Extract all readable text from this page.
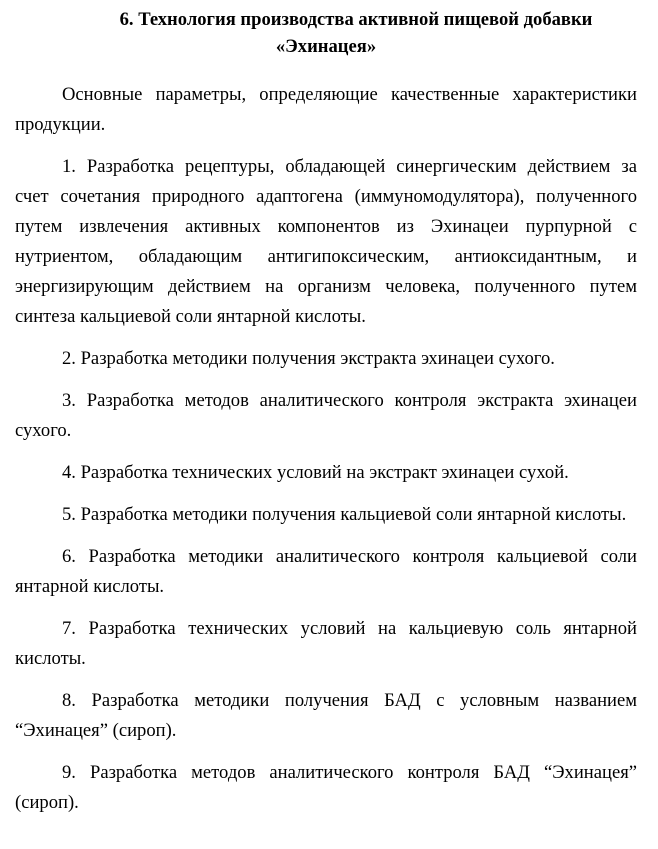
6. Технология производства активной пищевой добавки
«Эхинацея»

Основные параметры, определяющие качественные характеристики продукции.

1. Разработка рецептуры, обладающей синергическим действием за счет сочетания природного адаптогена (иммуномодулятора), полученного путем извлечения активных компонентов из Эхинацеи пурпурной с нутриентом, обладающим антигипоксическим, антиоксидантным, и энергизирующим действием на организм человека, полученного путем синтеза кальциевой соли янтарной кислоты.

2. Разработка методики получения экстракта эхинацеи сухого.

3. Разработка методов аналитического контроля экстракта эхинацеи сухого.

4. Разработка технических условий на экстракт эхинацеи сухой.

5. Разработка методики получения кальциевой соли янтарной кислоты.

6. Разработка методики аналитического контроля кальциевой соли янтарной кислоты.

7. Разработка технических условий на кальциевую соль янтарной кислоты.

8. Разработка методики получения БАД с условным названием “Эхинацея” (сироп).

9. Разработка методов аналитического контроля БАД “Эхинацея” (сироп).
